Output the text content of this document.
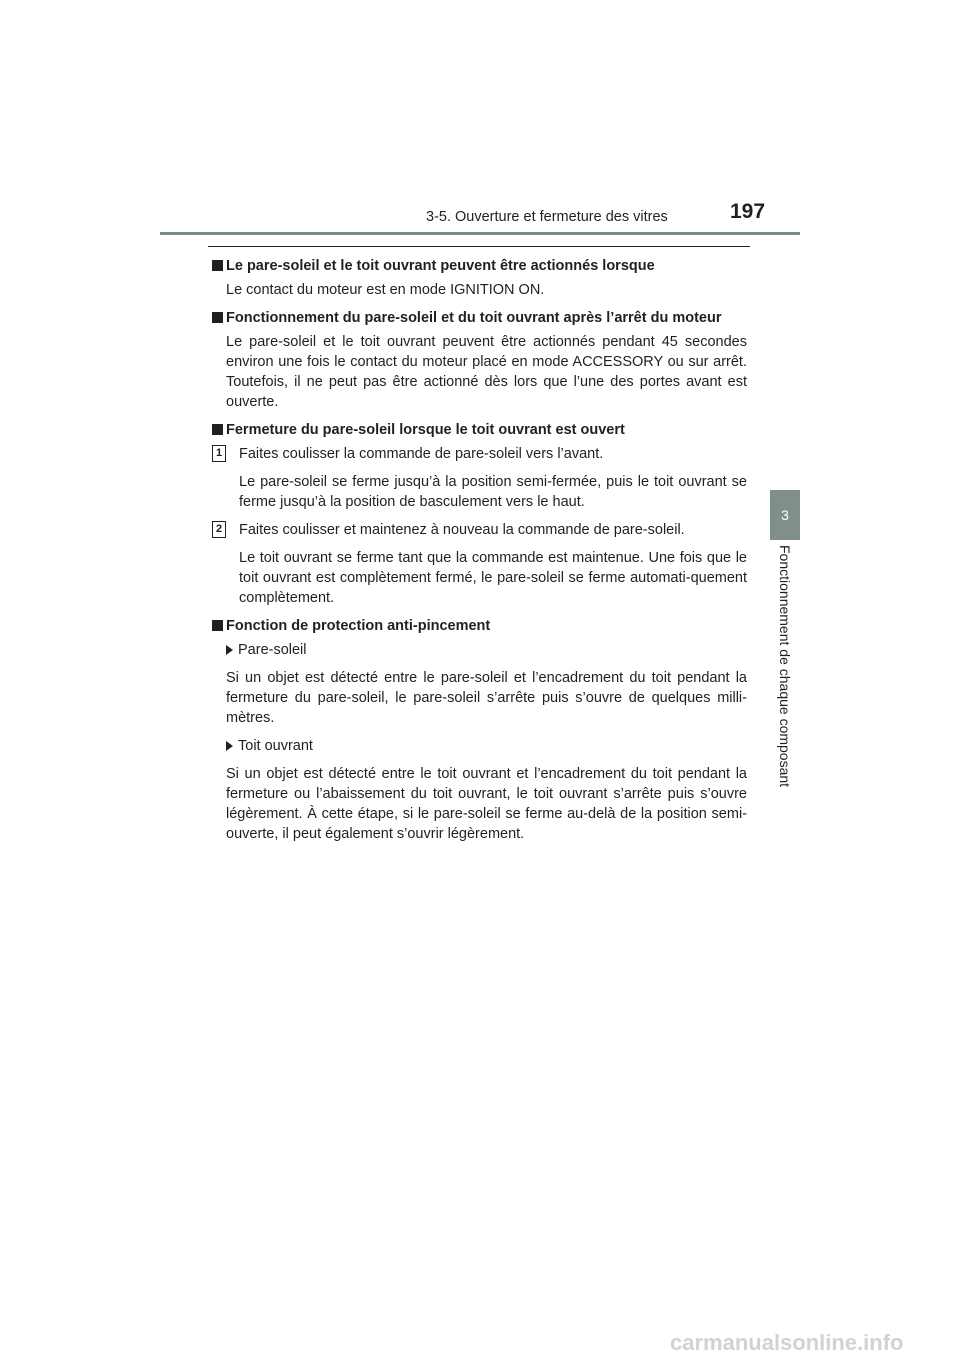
3-5. Ouverture et fermeture des vitres	197
3
Fonctionnement de chaque composant
Le pare-soleil et le toit ouvrant peuvent être actionnés lorsque

Le contact du moteur est en mode IGNITION ON.

Fonctionnement du pare-soleil et du toit ouvrant après l’arrêt du moteur

Le pare-soleil et le toit ouvrant peuvent être actionnés pendant 45 secondes environ une fois le contact du moteur placé en mode ACCESSORY ou sur arrêt. Toutefois, il ne peut pas être actionné dès lors que l’une des portes avant est ouverte.

Fermeture du pare-soleil lorsque le toit ouvrant est ouvert
1 Faites coulisser la commande de pare-soleil vers l’avant.

Le pare-soleil se ferme jusqu’à la position semi-fermée, puis le toit ouvrant se ferme jusqu’à la position de basculement vers le haut.

2 Faites coulisser et maintenez à nouveau la commande de pare-soleil.

Le toit ouvrant se ferme tant que la commande est maintenue. Une fois que le toit ouvrant est complètement fermé, le pare-soleil se ferme automati-quement complètement.

Fonction de protection anti-pincement
Pare-soleil

Si un objet est détecté entre le pare-soleil et l’encadrement du toit pendant la fermeture du pare-soleil, le pare-soleil s’arrête puis s’ouvre de quelques milli-mètres.

Toit ouvrant

Si un objet est détecté entre le toit ouvrant et l’encadrement du toit pendant la fermeture ou l’abaissement du toit ouvrant, le toit ouvrant s’arrête puis s’ouvre légèrement. À cette étape, si le pare-soleil se ferme au-delà de la position semi-ouverte, il peut également s’ouvrir légèrement.

carmanualsonline.info
